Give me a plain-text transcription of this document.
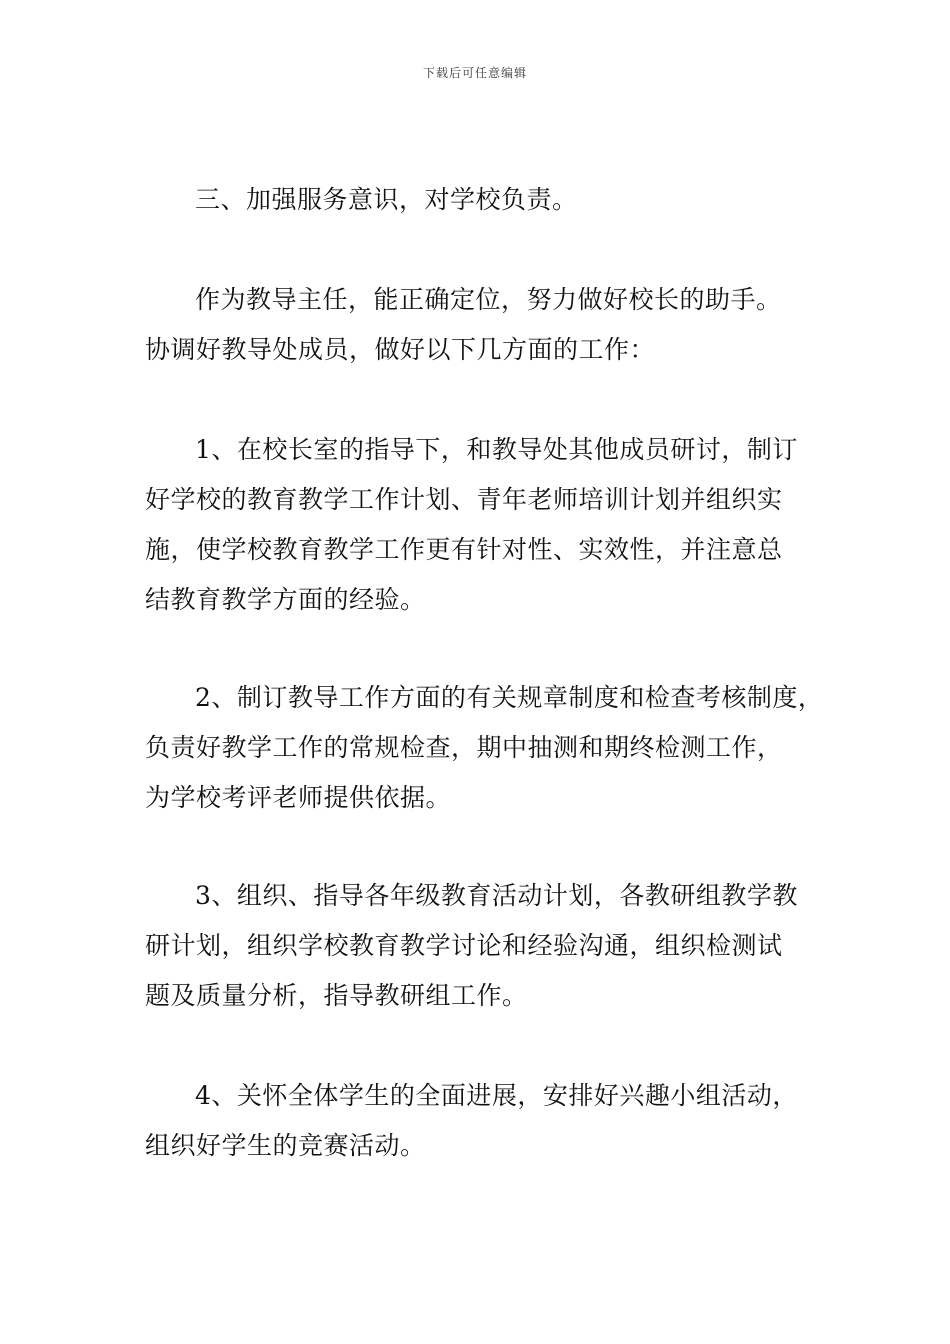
下载后可任意编辑
三、加强服务意识，对学校负责。
作为教导主任，能正确定位，努力做好校长的助手。
协调好教导处成员，做好以下几方面的工作：
1、在校长室的指导下，和教导处其他成员研讨，制订
好学校的教育教学工作计划、青年老师培训计划并组织实
施，使学校教育教学工作更有针对性、实效性，并注意总
结教育教学方面的经验。
2、制订教导工作方面的有关规章制度和检查考核制度，
负责好教学工作的常规检查，期中抽测和期终检测工作，
为学校考评老师提供依据。
3、组织、指导各年级教育活动计划，各教研组教学教
研计划，组织学校教育教学讨论和经验沟通，组织检测试
题及质量分析，指导教研组工作。
4、关怀全体学生的全面进展，安排好兴趣小组活动，
组织好学生的竞赛活动。
